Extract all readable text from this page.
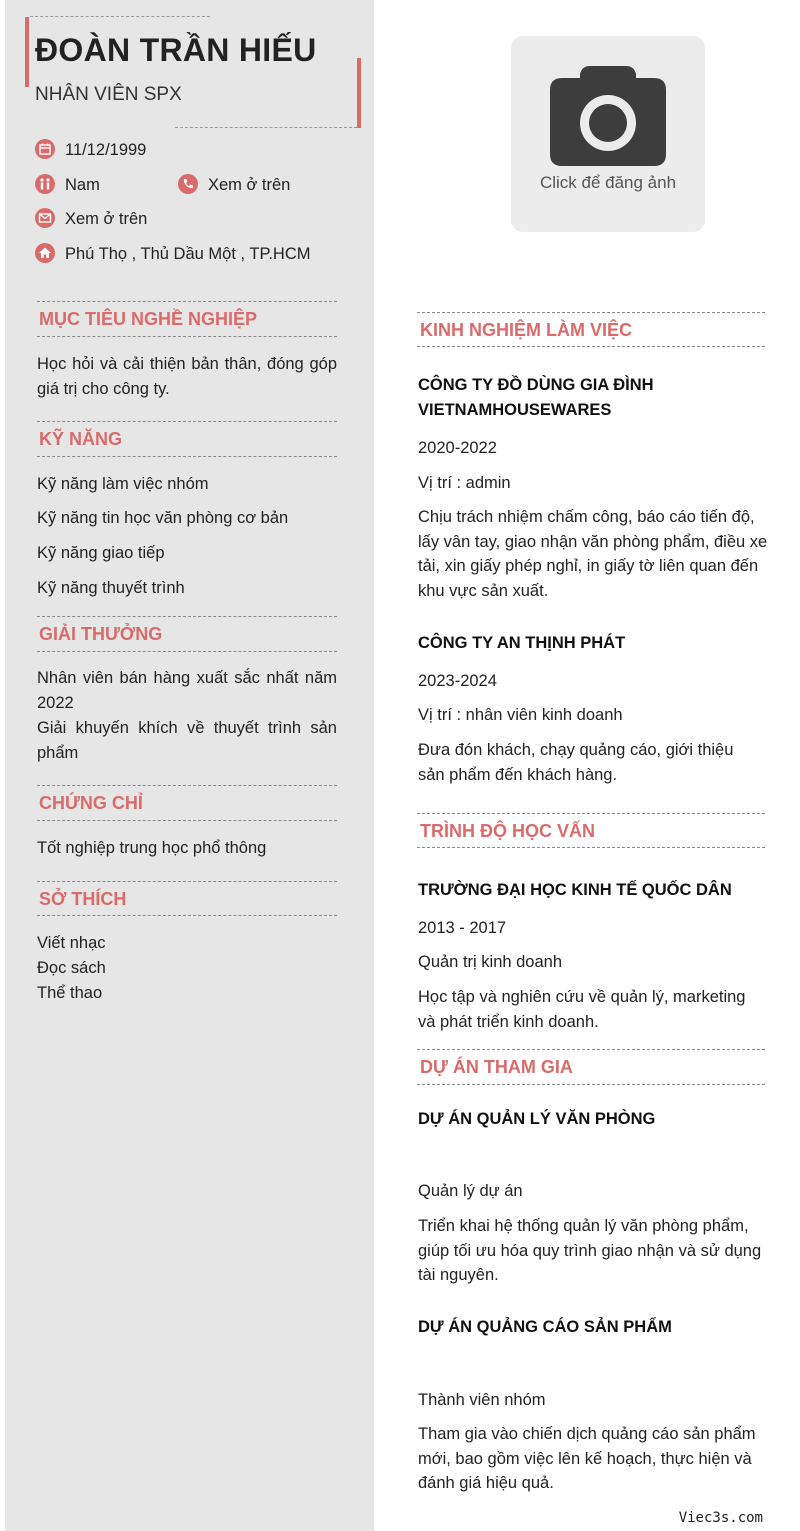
ĐOÀN TRẦN HIẾU
NHÂN VIÊN SPX
11/12/1999
Nam	Xem ở trên
Xem ở trên
Phú Thọ , Thủ Dầu Một , TP.HCM
MỤC TIÊU NGHỀ NGHIỆP
Học hỏi và cải thiện bản thân, đóng góp giá trị cho công ty.
KỸ NĂNG
Kỹ năng làm việc nhóm
Kỹ năng tin học văn phòng cơ bản
Kỹ năng giao tiếp
Kỹ năng thuyết trình
GIẢI THƯỞNG
Nhân viên bán hàng xuất sắc nhất năm 2022
Giải khuyến khích về thuyết trình sản phẩm
CHỨNG CHỈ
Tốt nghiệp trung học phổ thông
SỞ THÍCH
Viết nhạc
Đọc sách
Thể thao
Click để đăng ảnh
KINH NGHIỆM LÀM VIỆC
CÔNG TY ĐỒ DÙNG GIA ĐÌNH VIETNAMHOUSEWARES
2020-2022
Vị trí : admin
Chịu trách nhiệm chấm công, báo cáo tiến độ, lấy vân tay, giao nhận văn phòng phẩm, điều xe tải, xin giấy phép nghỉ, in giấy tờ liên quan đến khu vực sản xuất.
CÔNG TY AN THỊNH PHÁT
2023-2024
Vị trí : nhân viên kinh doanh
Đưa đón khách, chạy quảng cáo, giới thiệu sản phẩm đến khách hàng.
TRÌNH ĐỘ HỌC VẤN
TRƯỜNG ĐẠI HỌC KINH TẾ QUỐC DÂN
2013 - 2017
Quản trị kinh doanh
Học tập và nghiên cứu về quản lý, marketing và phát triển kinh doanh.
DỰ ÁN THAM GIA
DỰ ÁN QUẢN LÝ VĂN PHÒNG
Quản lý dự án
Triển khai hệ thống quản lý văn phòng phẩm, giúp tối ưu hóa quy trình giao nhận và sử dụng tài nguyên.
DỰ ÁN QUẢNG CÁO SẢN PHẨM
Thành viên nhóm
Tham gia vào chiến dịch quảng cáo sản phẩm mới, bao gồm việc lên kế hoạch, thực hiện và đánh giá hiệu quả.
Viec3s.com
